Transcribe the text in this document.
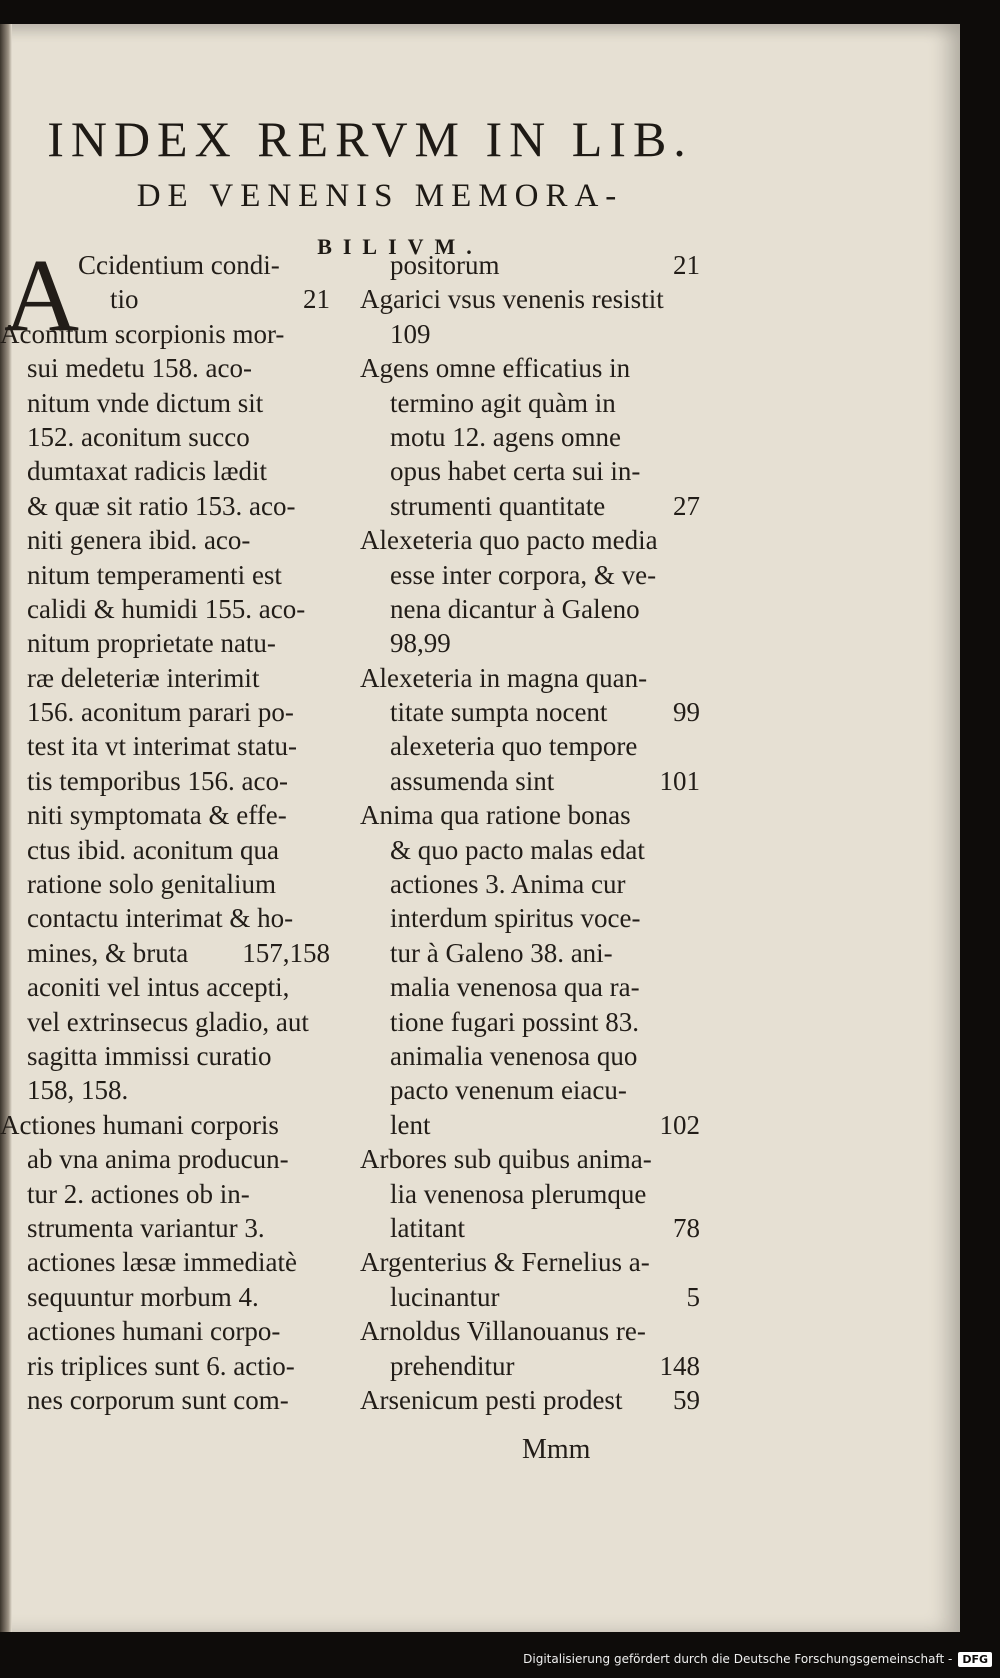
INDEX RERVM IN LIB.
DE VENENIS MEMORA-
BILIVM.
A
Ccidentium condi-
tio	21
Aconitum scorpionis mor-
sui medetu 158. aco-
nitum vnde dictum sit
152. aconitum succo
dumtaxat radicis lædit
& quæ sit ratio 153. aco-
niti genera ibid. aco-
nitum temperamenti est
calidi & humidi 155. aco-
nitum proprietate natu-
ræ deleteriæ interimit
156. aconitum parari po-
test ita vt interimat statu-
tis temporibus 156. aco-
niti symptomata & effe-
ctus ibid. aconitum qua
ratione solo genitalium
contactu interimat & ho-
mines, & bruta	157,158
aconiti vel intus accepti,
vel extrinsecus gladio, aut
sagitta immissi curatio
158, 158.
Actiones humani corporis
ab vna anima producun-
tur 2. actiones ob in-
strumenta variantur 3.
actiones læsæ immediatè
sequuntur morbum 4.
actiones humani corpo-
ris triplices sunt 6. actio-
nes corporum sunt com-
positorum	21
Agarici vsus venenis resistit
109
Agens omne efficatius in
termino agit quàm in
motu 12. agens omne
opus habet certa sui in-
strumenti quantitate	27
Alexeteria quo pacto media
esse inter corpora, & ve-
nena dicantur à Galeno
98,99
Alexeteria in magna quan-
titate sumpta nocent	99
alexeteria quo tempore
assumenda sint	101
Anima qua ratione bonas
& quo pacto malas edat
actiones 3. Anima cur
interdum spiritus voce-
tur à Galeno 38. ani-
malia venenosa qua ra-
tione fugari possint 83.
animalia venenosa quo
pacto venenum eiacu-
lent	102
Arbores sub quibus anima-
lia venenosa plerumque
latitant	78
Argenterius & Fernelius a-
lucinantur	5
Arnoldus Villanouanus re-
prehenditur	148
Arsenicum pesti prodest	59
Mmm
Digitalisierung gefördert durch die Deutsche Forschungsgemeinschaft - DFG
